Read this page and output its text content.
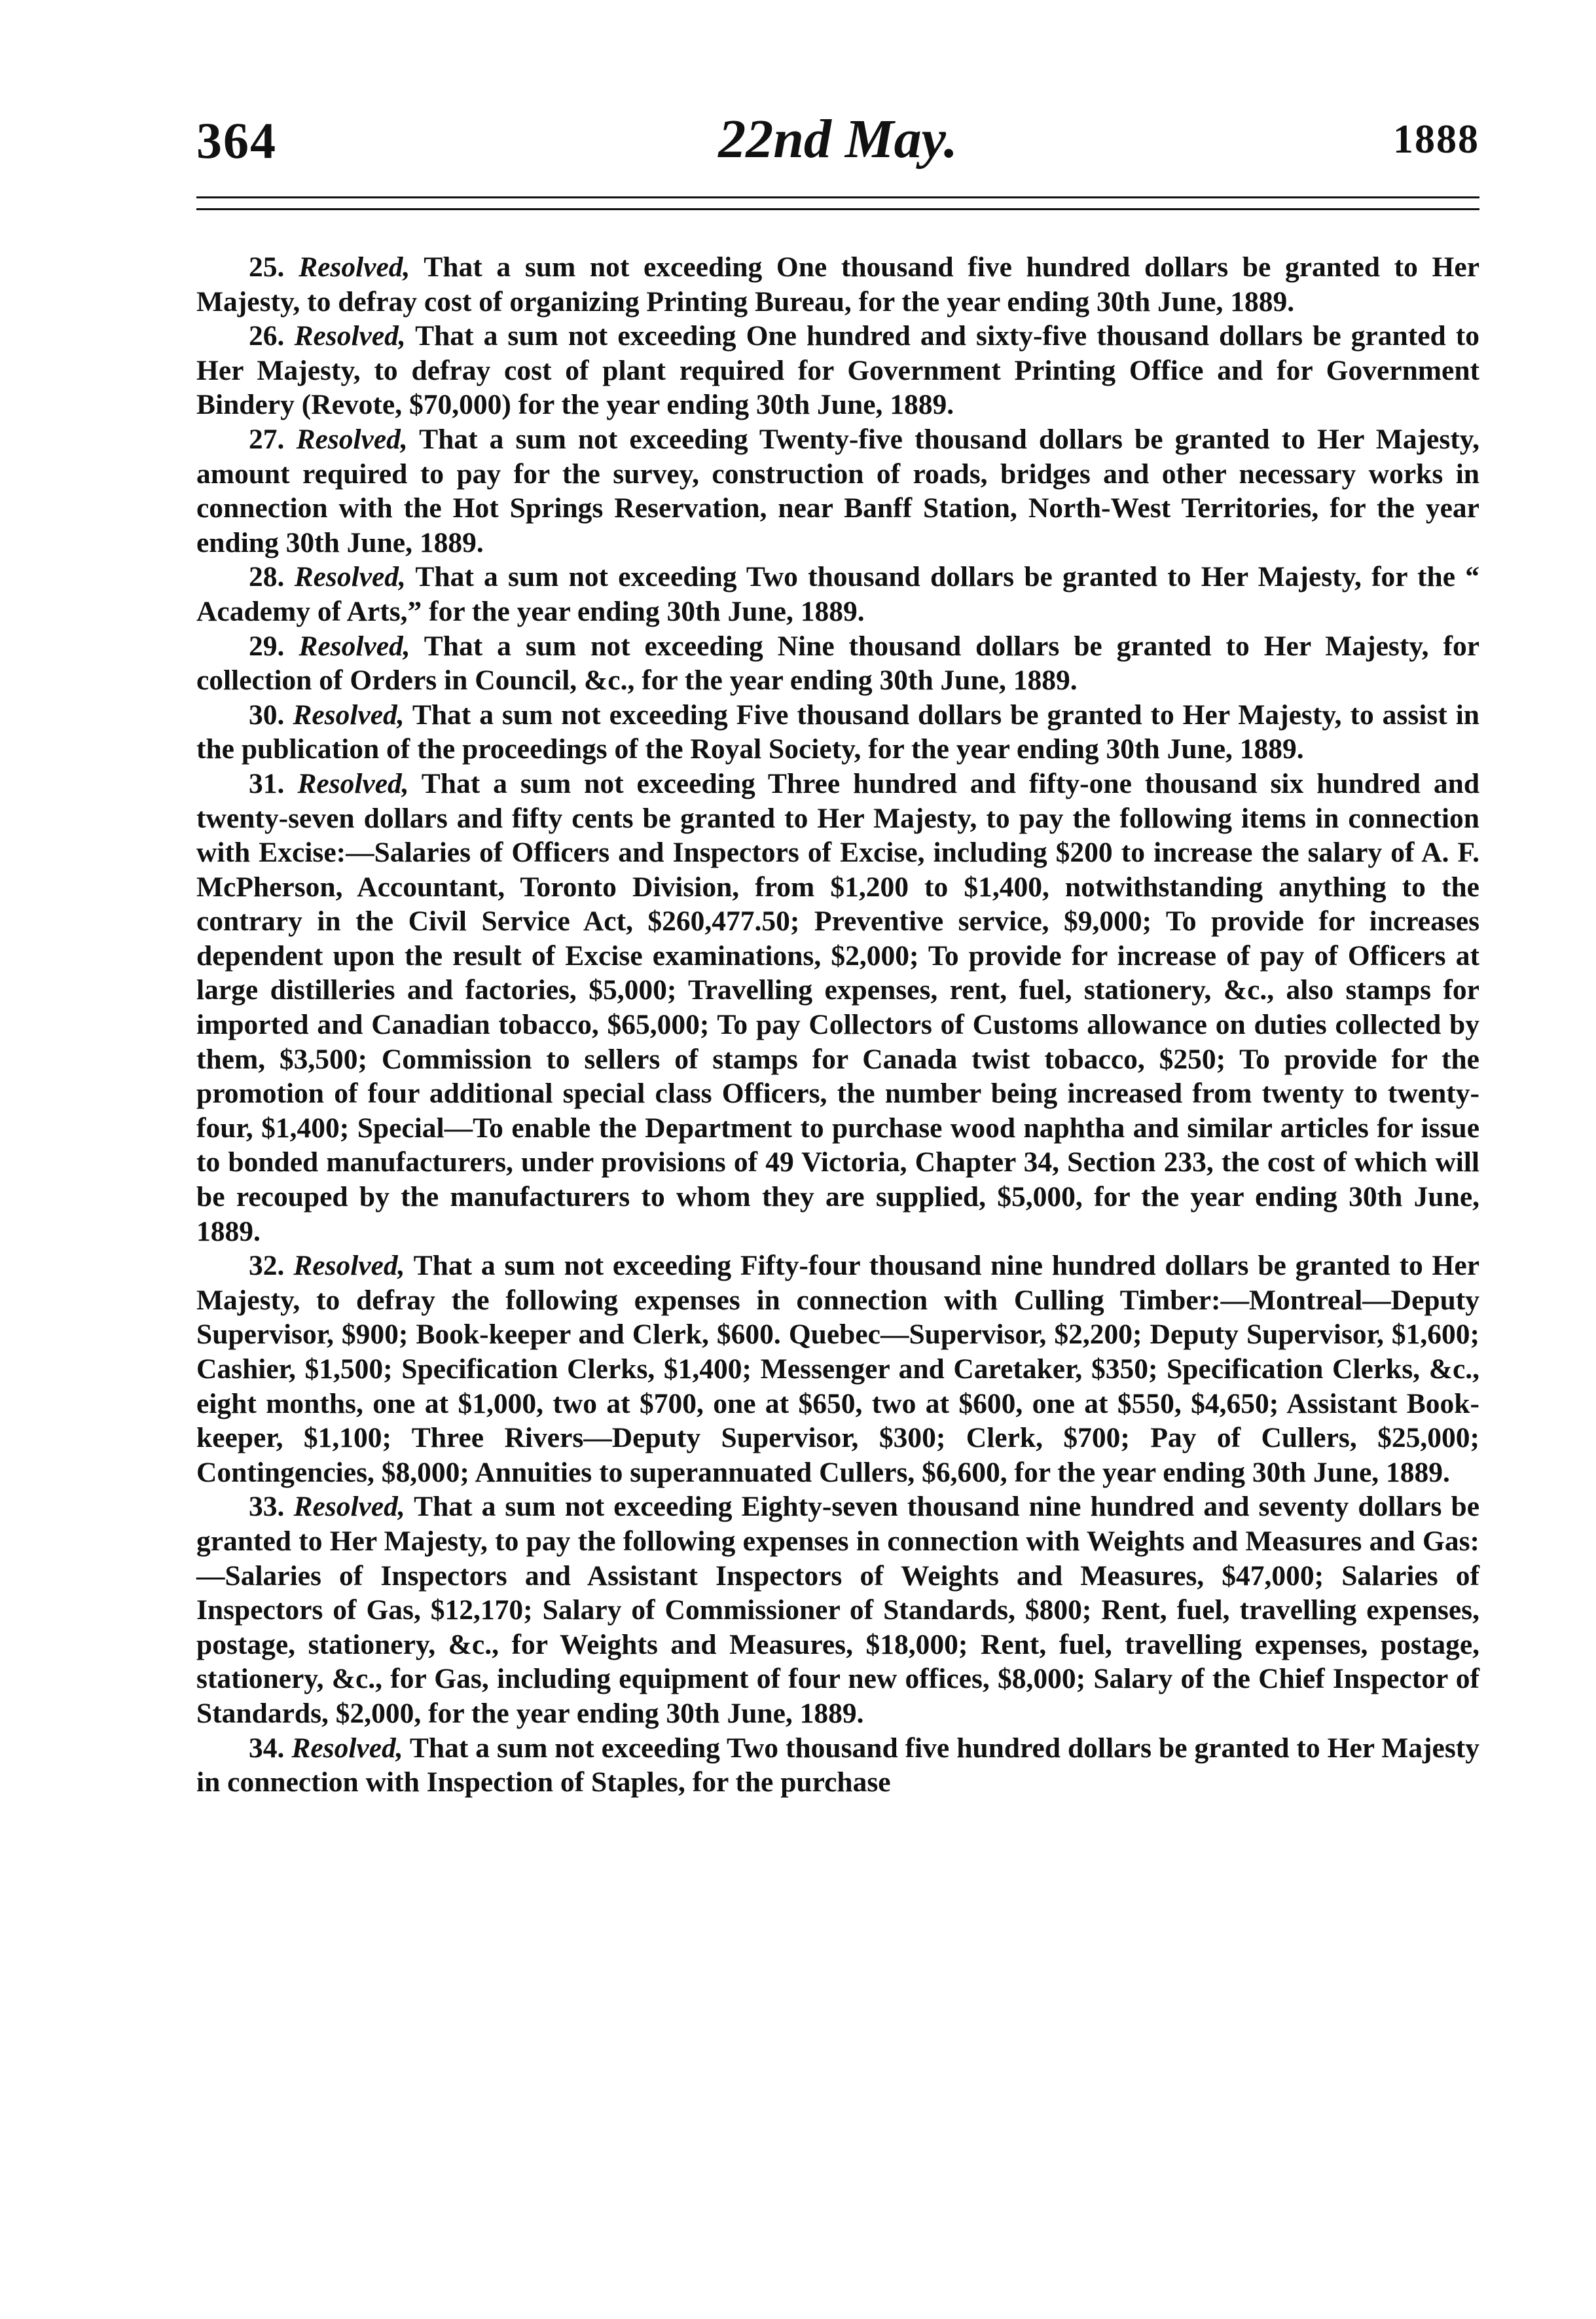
364	22nd May.	1888

25. Resolved, That a sum not exceeding One thousand five hundred dollars be granted to Her Majesty, to defray cost of organizing Printing Bureau, for the year ending 30th June, 1889.

26. Resolved, That a sum not exceeding One hundred and sixty-five thousand dollars be granted to Her Majesty, to defray cost of plant required for Government Printing Office and for Government Bindery (Revote, $70,000) for the year ending 30th June, 1889.

27. Resolved, That a sum not exceeding Twenty-five thousand dollars be granted to Her Majesty, amount required to pay for the survey, construction of roads, bridges and other necessary works in connection with the Hot Springs Reservation, near Banff Station, North-West Territories, for the year ending 30th June, 1889.

28. Resolved, That a sum not exceeding Two thousand dollars be granted to Her Majesty, for the “ Academy of Arts,” for the year ending 30th June, 1889.

29. Resolved, That a sum not exceeding Nine thousand dollars be granted to Her Majesty, for collection of Orders in Council, &c., for the year ending 30th June, 1889.

30. Resolved, That a sum not exceeding Five thousand dollars be granted to Her Majesty, to assist in the publication of the proceedings of the Royal Society, for the year ending 30th June, 1889.

31. Resolved, That a sum not exceeding Three hundred and fifty-one thousand six hundred and twenty-seven dollars and fifty cents be granted to Her Majesty, to pay the following items in connection with Excise:—Salaries of Officers and Inspectors of Excise, including $200 to increase the salary of A. F. McPherson, Accountant, Toronto Division, from $1,200 to $1,400, notwithstanding anything to the contrary in the Civil Service Act, $260,477.50; Preventive service, $9,000; To provide for increases dependent upon the result of Excise examinations, $2,000; To provide for increase of pay of Officers at large distilleries and factories, $5,000; Travelling expenses, rent, fuel, stationery, &c., also stamps for imported and Canadian tobacco, $65,000; To pay Collectors of Customs allowance on duties collected by them, $3,500; Commission to sellers of stamps for Canada twist tobacco, $250; To provide for the promotion of four additional special class Officers, the number being increased from twenty to twenty-four, $1,400; Special—To enable the Department to purchase wood naphtha and similar articles for issue to bonded manufacturers, under provisions of 49 Victoria, Chapter 34, Section 233, the cost of which will be recouped by the manufacturers to whom they are supplied, $5,000, for the year ending 30th June, 1889.

32. Resolved, That a sum not exceeding Fifty-four thousand nine hundred dollars be granted to Her Majesty, to defray the following expenses in connection with Culling Timber:—Montreal—Deputy Supervisor, $900; Book-keeper and Clerk, $600. Quebec—Supervisor, $2,200; Deputy Supervisor, $1,600; Cashier, $1,500; Specification Clerks, $1,400; Messenger and Caretaker, $350; Specification Clerks, &c., eight months, one at $1,000, two at $700, one at $650, two at $600, one at $550, $4,650; Assistant Book-keeper, $1,100; Three Rivers—Deputy Supervisor, $300; Clerk, $700; Pay of Cullers, $25,000; Contingencies, $8,000; Annuities to superannuated Cullers, $6,600, for the year ending 30th June, 1889.

33. Resolved, That a sum not exceeding Eighty-seven thousand nine hundred and seventy dollars be granted to Her Majesty, to pay the following expenses in connection with Weights and Measures and Gas:—Salaries of Inspectors and Assistant Inspectors of Weights and Measures, $47,000; Salaries of Inspectors of Gas, $12,170; Salary of Commissioner of Standards, $800; Rent, fuel, travelling expenses, postage, stationery, &c., for Weights and Measures, $18,000; Rent, fuel, travelling expenses, postage, stationery, &c., for Gas, including equipment of four new offices, $8,000; Salary of the Chief Inspector of Standards, $2,000, for the year ending 30th June, 1889.

34. Resolved, That a sum not exceeding Two thousand five hundred dollars be granted to Her Majesty in connection with Inspection of Staples, for the purchase
